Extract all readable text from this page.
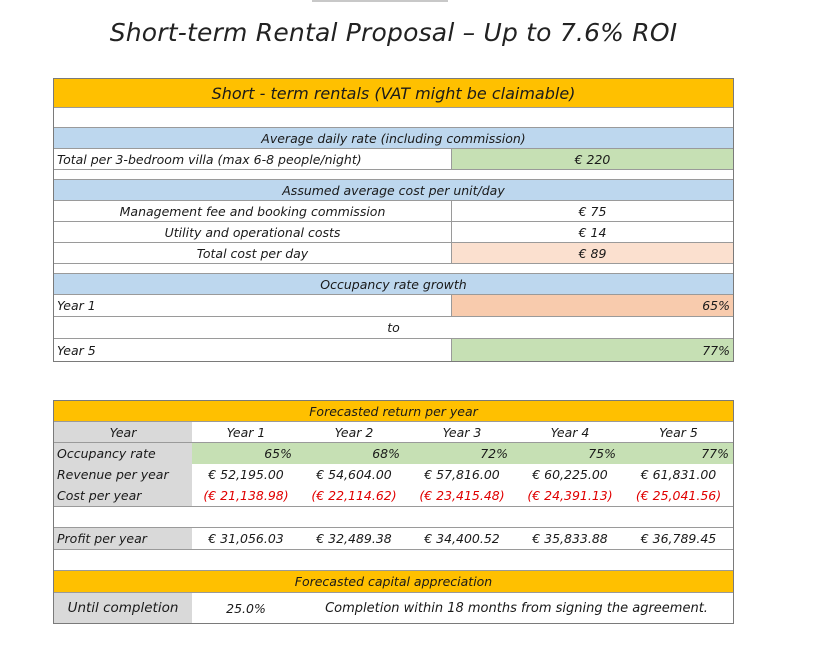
Short-term Rental Proposal – Up to 7.6% ROI
Short - term rentals (VAT might be claimable)
Average daily rate (including commission)
Total per 3-bedroom villa (max 6-8 people/night)	€ 220
Assumed average cost per unit/day
Management fee and booking commission	€ 75
Utility and operational costs	€ 14
Total cost per day	€ 89
Occupancy rate growth
Year 1	65%
to
Year 5	77%
Forecasted return per year
Year	Year 1	Year 2	Year 3	Year 4	Year 5
Occupancy rate	65%	68%	72%	75%	77%
Revenue per year	€ 52,195.00	€ 54,604.00	€ 57,816.00	€ 60,225.00	€ 61,831.00
Cost per year	(€ 21,138.98)	(€ 22,114.62)	(€ 23,415.48)	(€ 24,391.13)	(€ 25,041.56)
Profit per year	€ 31,056.03	€ 32,489.38	€ 34,400.52	€ 35,833.88	€ 36,789.45
Forecasted capital appreciation
Until completion	25.0%	Completion within 18 months from signing the agreement.
